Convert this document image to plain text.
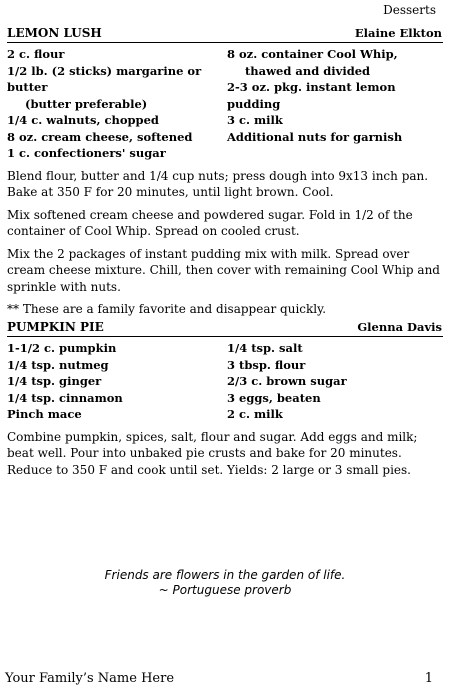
Desserts
LEMON LUSH	Elaine Elkton
2 c. flour
1/2 lb. (2 sticks) margarine or butter
(butter preferable)
1/4 c. walnuts, chopped
8 oz. cream cheese, softened
1 c. confectioners' sugar
8 oz. container Cool Whip,
thawed and divided
2-3 oz. pkg. instant lemon pudding
3 c. milk
Additional nuts for garnish

Blend flour, butter and 1/4 cup nuts; press dough into 9x13 inch pan. Bake at 350 F for 20 minutes, until light brown. Cool.

Mix softened cream cheese and powdered sugar. Fold in 1/2 of the container of Cool Whip. Spread on cooled crust.

Mix the 2 packages of instant pudding mix with milk. Spread over cream cheese mixture. Chill, then cover with remaining Cool Whip and sprinkle with nuts.

** These are a family favorite and disappear quickly.

PUMPKIN PIE	Glenna Davis
1-1/2 c. pumpkin
1/4 tsp. nutmeg
1/4 tsp. ginger
1/4 tsp. cinnamon
Pinch mace
1/4 tsp. salt
3 tbsp. flour
2/3 c. brown sugar
3 eggs, beaten
2 c. milk

Combine pumpkin, spices, salt, flour and sugar. Add eggs and milk; beat well. Pour into unbaked pie crusts and bake for 20 minutes. Reduce to 350 F and cook until set. Yields: 2 large or 3 small pies.

Friends are flowers in the garden of life.
~ Portuguese proverb
Your Family’s Name Here	1
